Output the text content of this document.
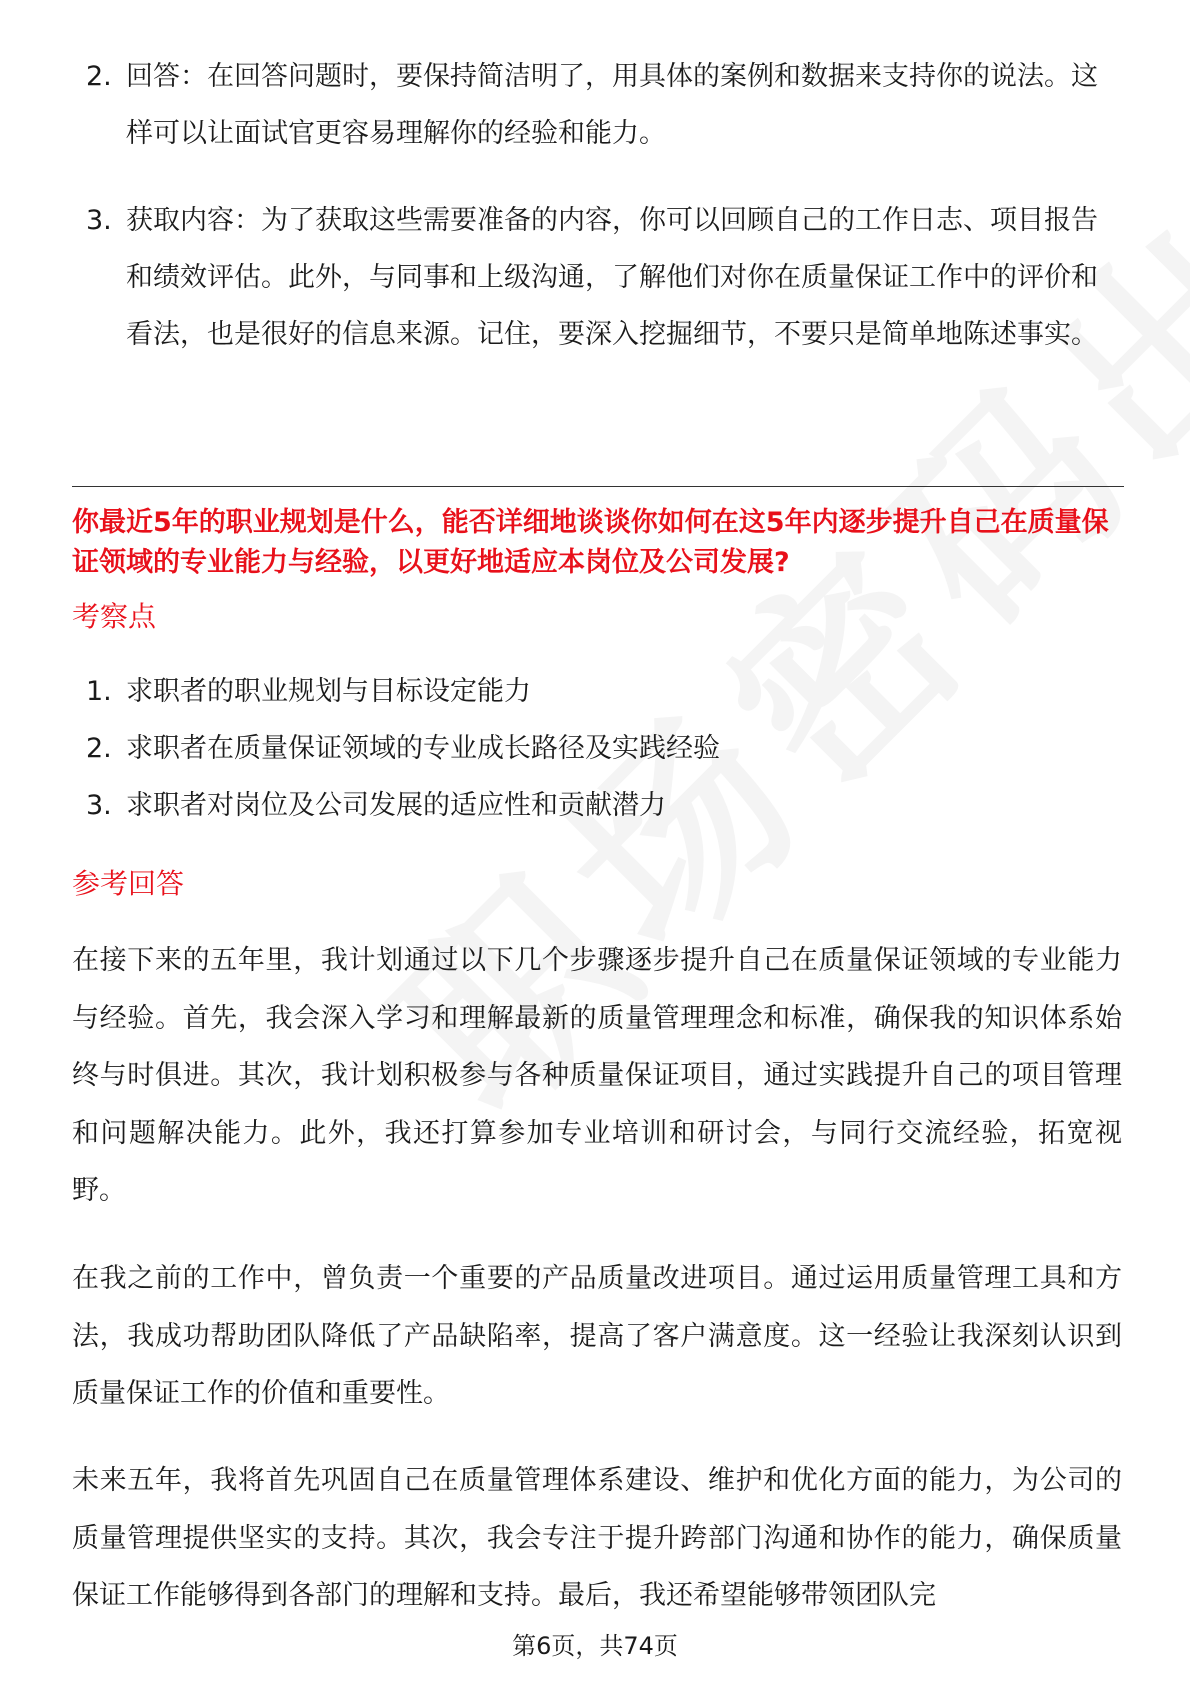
2. 回答：在回答问题时，要保持简洁明了，用具体的案例和数据来支持你的说法。这样可以让面试官更容易理解你的经验和能力。
3. 获取内容：为了获取这些需要准备的内容，你可以回顾自己的工作日志、项目报告和绩效评估。此外，与同事和上级沟通，了解他们对你在质量保证工作中的评价和看法，也是很好的信息来源。记住，要深入挖掘细节，不要只是简单地陈述事实。

你最近5年的职业规划是什么，能否详细地谈谈你如何在这5年内逐步提升自己在质量保证领域的专业能力与经验，以更好地适应本岗位及公司发展?

考察点
1. 求职者的职业规划与目标设定能力
2. 求职者在质量保证领域的专业成长路径及实践经验
3. 求职者对岗位及公司发展的适应性和贡献潜力
参考回答

在接下来的五年里，我计划通过以下几个步骤逐步提升自己在质量保证领域的专业能力与经验。首先，我会深入学习和理解最新的质量管理理念和标准，确保我的知识体系始终与时俱进。其次，我计划积极参与各种质量保证项目，通过实践提升自己的项目管理和问题解决能力。此外，我还打算参加专业培训和研讨会，与同行交流经验，拓宽视野。

在我之前的工作中，曾负责一个重要的产品质量改进项目。通过运用质量管理工具和方法，我成功帮助团队降低了产品缺陷率，提高了客户满意度。这一经验让我深刻认识到质量保证工作的价值和重要性。

未来五年，我将首先巩固自己在质量管理体系建设、维护和优化方面的能力，为公司的质量管理提供坚实的支持。其次，我会专注于提升跨部门沟通和协作的能力，确保质量保证工作能够得到各部门的理解和支持。最后，我还希望能够带领团队完

第6页，共74页
